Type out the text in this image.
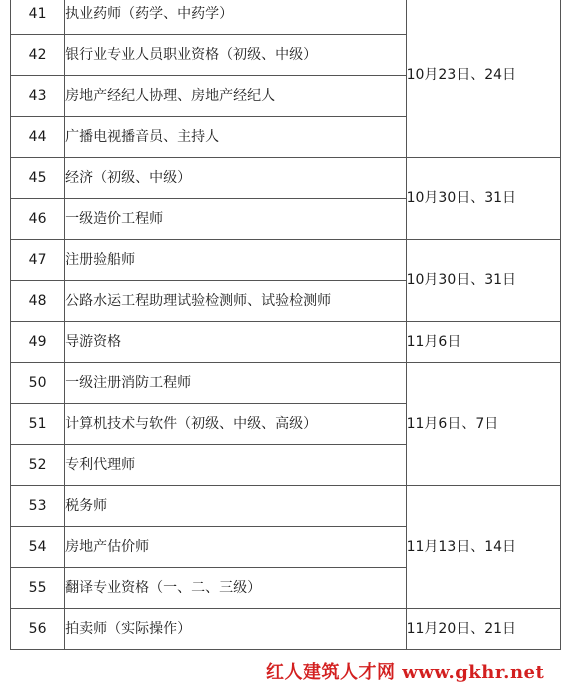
41	执业药师（药学、中药学）	10月23日、24日
42	银行业专业人员职业资格（初级、中级）	
43	房地产经纪人协理、房地产经纪人	
44	广播电视播音员、主持人	
45	经济（初级、中级）	10月30日、31日
46	一级造价工程师	
47	注册验船师	10月30日、31日
48	公路水运工程助理试验检测师、试验检测师	
49	导游资格	11月6日
50	一级注册消防工程师	11月6日、7日
51	计算机技术与软件（初级、中级、高级）	
52	专利代理师	
53	税务师	11月13日、14日
54	房地产估价师	
55	翻译专业资格（一、二、三级）	
56	拍卖师（实际操作）	11月20日、21日
红人建筑人才网 www.gkhr.net
